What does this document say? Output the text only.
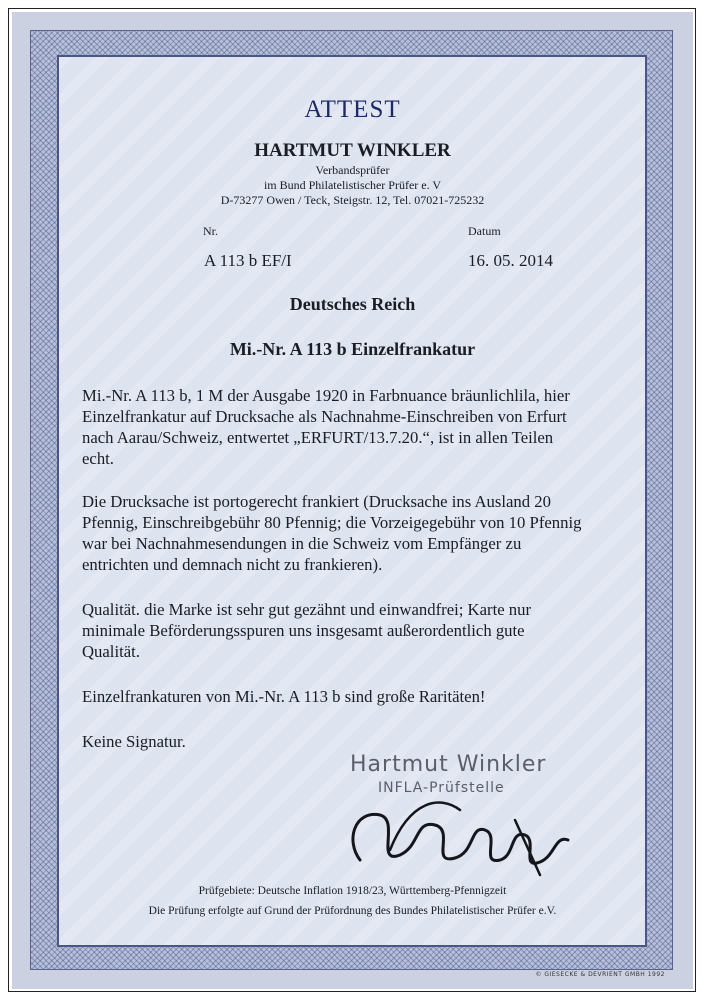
ATTEST
HARTMUT WINKLER
Verbandsprüfer
im Bund Philatelistischer Prüfer e. V
D-73277 Owen / Teck, Steigstr. 12, Tel. 07021-725232
Nr.	Datum
A 113 b EF/I	16. 05. 2014
Deutsches Reich
Mi.-Nr. A 113 b Einzelfrankatur
Mi.-Nr. A 113 b, 1 M der Ausgabe 1920 in Farbnuance bräunlichlila, hier
Einzelfrankatur auf Drucksache als Nachnahme-Einschreiben von Erfurt
nach Aarau/Schweiz, entwertet „ERFURT/13.7.20.“, ist in allen Teilen
echt.
Die Drucksache ist portogerecht frankiert (Drucksache ins Ausland 20
Pfennig, Einschreibgebühr 80 Pfennig; die Vorzeigegebühr von 10 Pfennig
war bei Nachnahmesendungen in die Schweiz vom Empfänger zu
entrichten und demnach nicht zu frankieren).
Qualität. die Marke ist sehr gut gezähnt und einwandfrei; Karte nur
minimale Beförderungsspuren uns insgesamt außerordentlich gute
Qualität.
Einzelfrankaturen von Mi.-Nr. A 113 b sind große Raritäten!
Keine Signatur.
Hartmut Winkler
INFLA-Prüfstelle
Prüfgebiete: Deutsche Inflation 1918/23, Württemberg-Pfennigzeit
Die Prüfung erfolgte auf Grund der Prüfordnung des Bundes Philatelistischer Prüfer e.V.
© GIESECKE & DEVRIENT GMBH 1992
